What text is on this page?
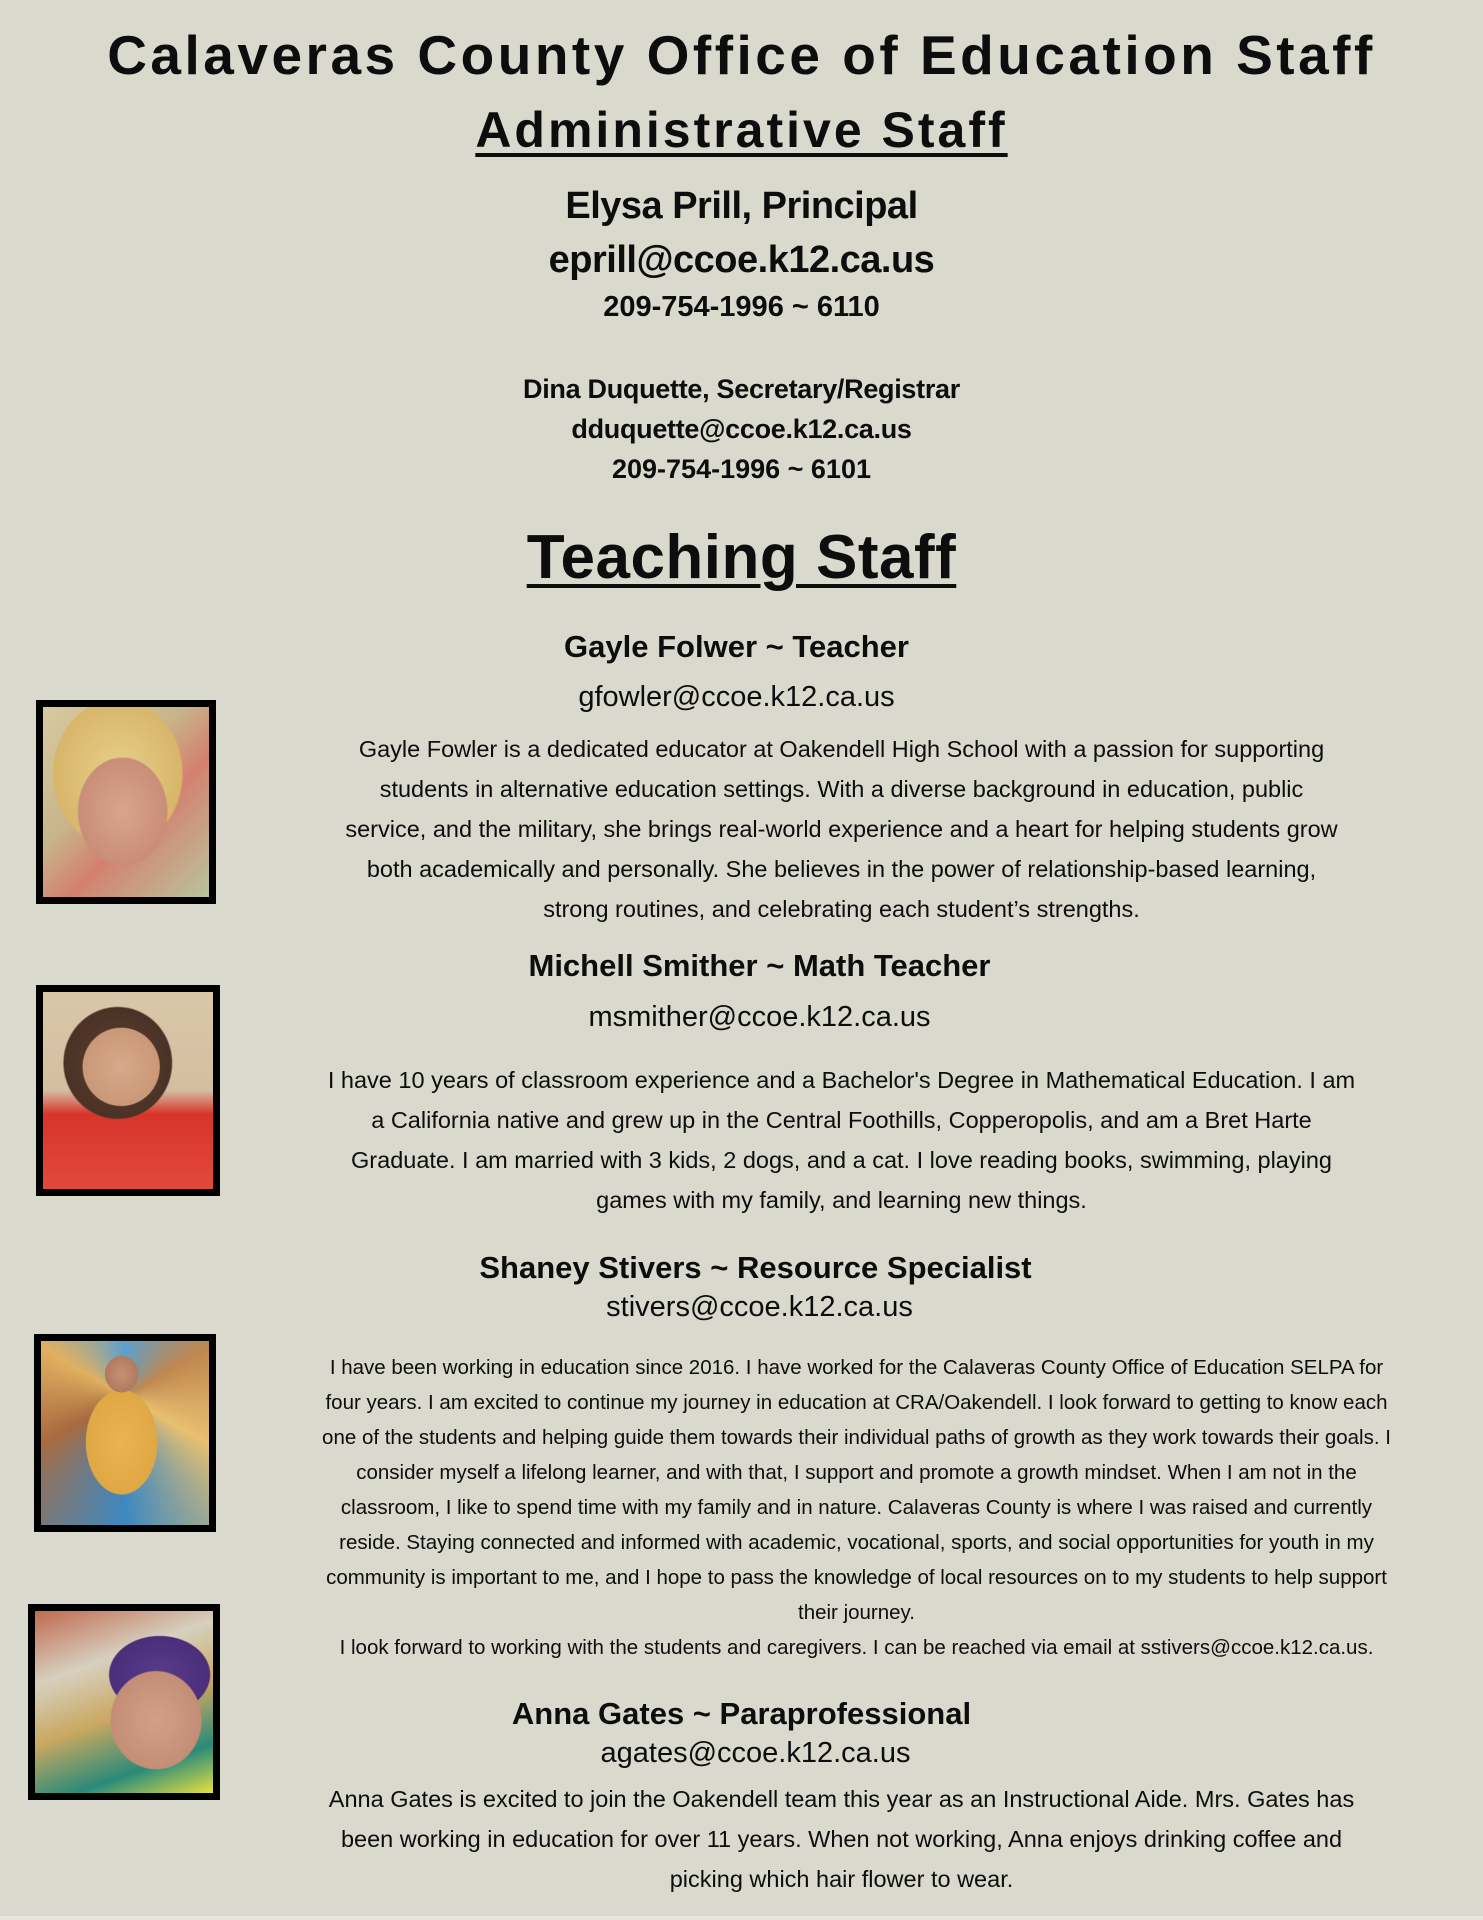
Calaveras County Office of Education Staff
Administrative Staff
Elysa Prill, Principal
eprill@ccoe.k12.ca.us
209-754-1996 ~ 6110
Dina Duquette, Secretary/Registrar
dduquette@ccoe.k12.ca.us
209-754-1996 ~ 6101
Teaching Staff
Gayle Folwer ~ Teacher
gfowler@ccoe.k12.ca.us
Gayle Fowler is a dedicated educator at Oakendell High School with a passion for supporting
students in alternative education settings. With a diverse background in education, public
service, and the military, she brings real-world experience and a heart for helping students grow
both academically and personally. She believes in the power of relationship-based learning,
strong routines, and celebrating each student’s strengths.
Michell Smither ~ Math Teacher
msmither@ccoe.k12.ca.us
I have 10 years of classroom experience and a Bachelor's Degree in Mathematical Education. I am
a California native and grew up in the Central Foothills, Copperopolis, and am a Bret Harte
Graduate. I am married with 3 kids, 2 dogs, and a cat. I love reading books, swimming, playing
games with my family, and learning new things.
Shaney Stivers ~ Resource Specialist
stivers@ccoe.k12.ca.us
I have been working in education since 2016. I have worked for the Calaveras County Office of Education SELPA for
four years. I am excited to continue my journey in education at CRA/Oakendell. I look forward to getting to know each
one of the students and helping guide them towards their individual paths of growth as they work towards their goals. I
consider myself a lifelong learner, and with that, I support and promote a growth mindset. When I am not in the
classroom, I like to spend time with my family and in nature. Calaveras County is where I was raised and currently
reside. Staying connected and informed with academic, vocational, sports, and social opportunities for youth in my
community is important to me, and I hope to pass the knowledge of local resources on to my students to help support
their journey.
I look forward to working with the students and caregivers. I can be reached via email at sstivers@ccoe.k12.ca.us.
Anna Gates ~ Paraprofessional
agates@ccoe.k12.ca.us
Anna Gates is excited to join the Oakendell team this year as an Instructional Aide. Mrs. Gates has
been working in education for over 11 years. When not working, Anna enjoys drinking coffee and
picking which hair flower to wear.
